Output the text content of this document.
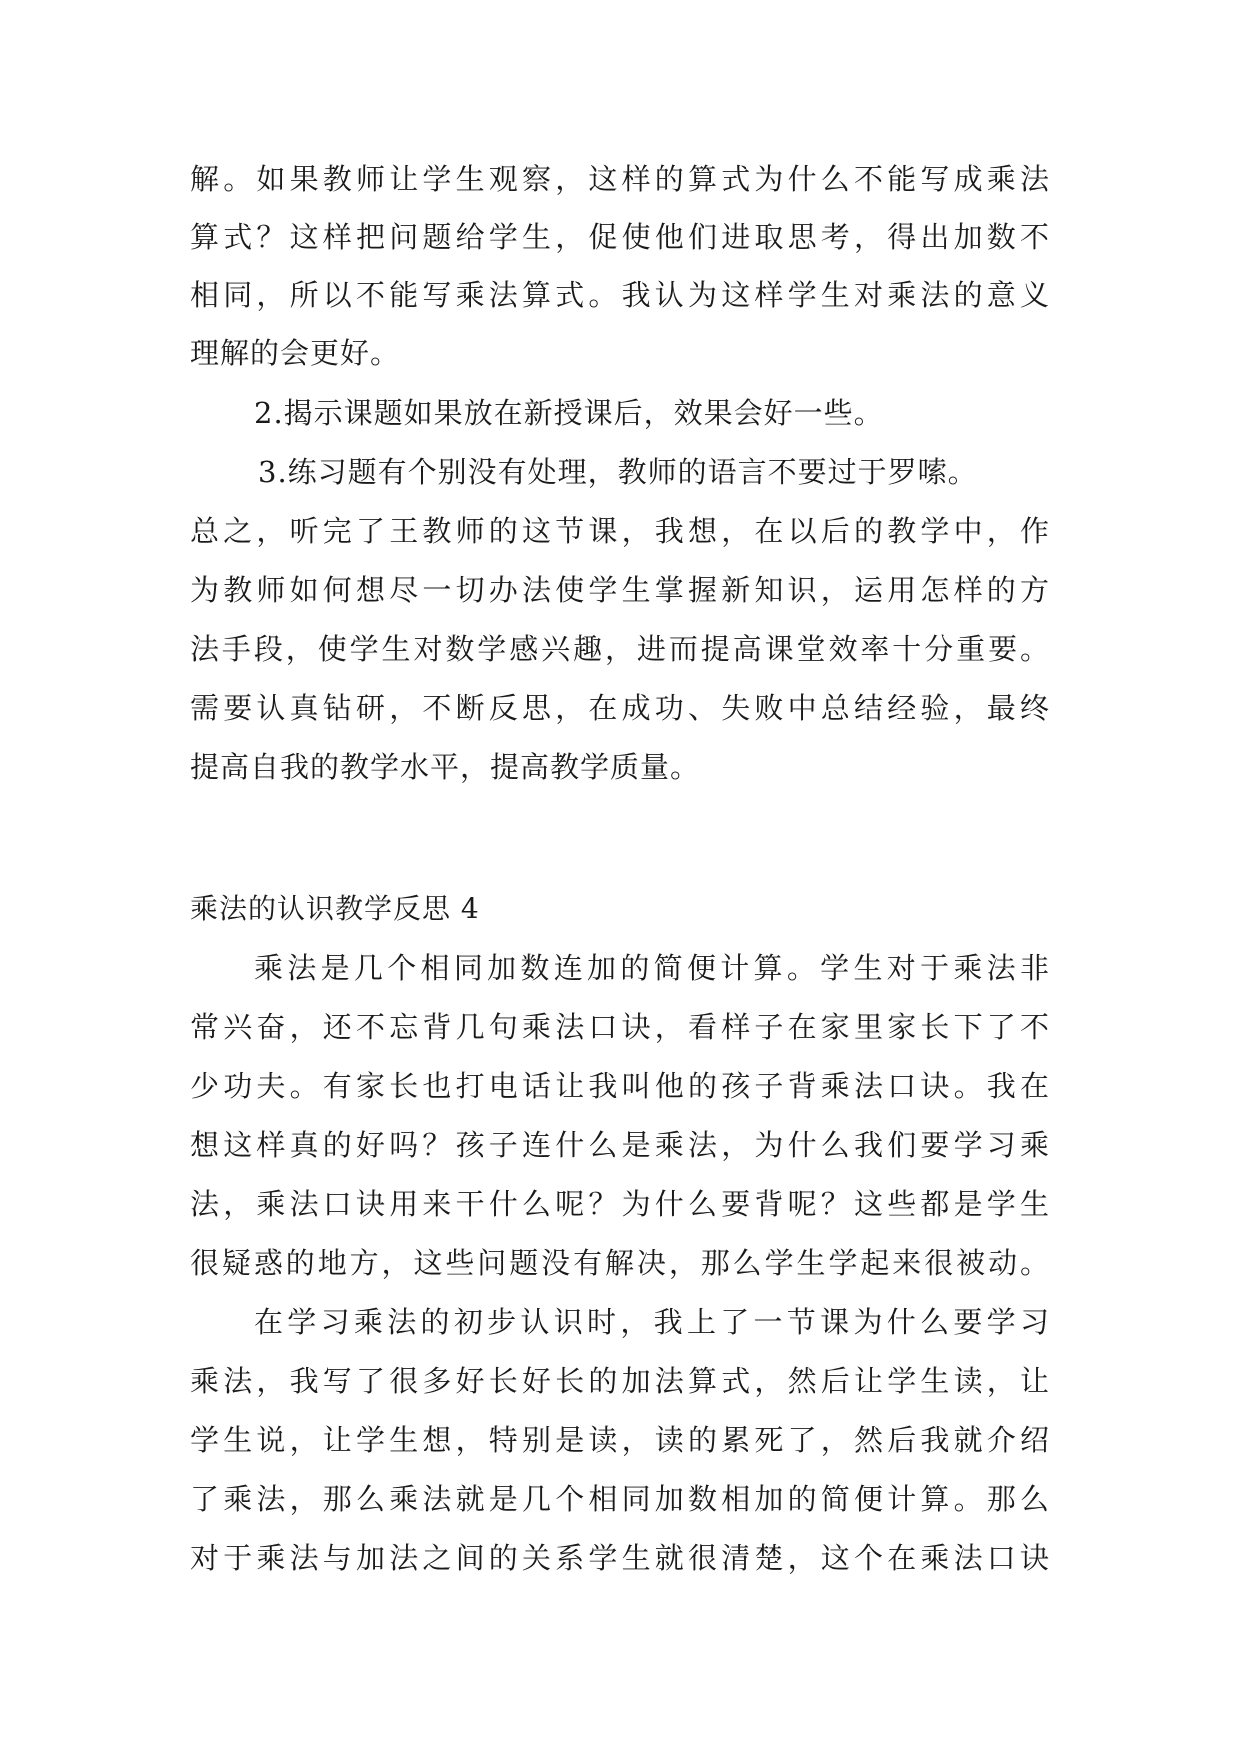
解。如果教师让学生观察，这样的算式为什么不能写成乘法

算式？这样把问题给学生，促使他们进取思考，得出加数不

相同，所以不能写乘法算式。我认为这样学生对乘法的意义

理解的会更好。

2.揭示课题如果放在新授课后，效果会好一些。

3.练习题有个别没有处理，教师的语言不要过于罗嗦。

总之，听完了王教师的这节课，我想，在以后的教学中，作

为教师如何想尽一切办法使学生掌握新知识，运用怎样的方

法手段，使学生对数学感兴趣，进而提高课堂效率十分重要。

需要认真钻研，不断反思，在成功、失败中总结经验，最终

提高自我的教学水平，提高教学质量。

乘法的认识教学反思 4

乘法是几个相同加数连加的简便计算。学生对于乘法非

常兴奋，还不忘背几句乘法口诀，看样子在家里家长下了不

少功夫。有家长也打电话让我叫他的孩子背乘法口诀。我在

想这样真的好吗？孩子连什么是乘法，为什么我们要学习乘

法，乘法口诀用来干什么呢？为什么要背呢？这些都是学生

很疑惑的地方，这些问题没有解决，那么学生学起来很被动。

在学习乘法的初步认识时，我上了一节课为什么要学习

乘法，我写了很多好长好长的加法算式，然后让学生读，让

学生说，让学生想，特别是读，读的累死了，然后我就介绍

了乘法，那么乘法就是几个相同加数相加的简便计算。那么

对于乘法与加法之间的关系学生就很清楚，这个在乘法口诀
